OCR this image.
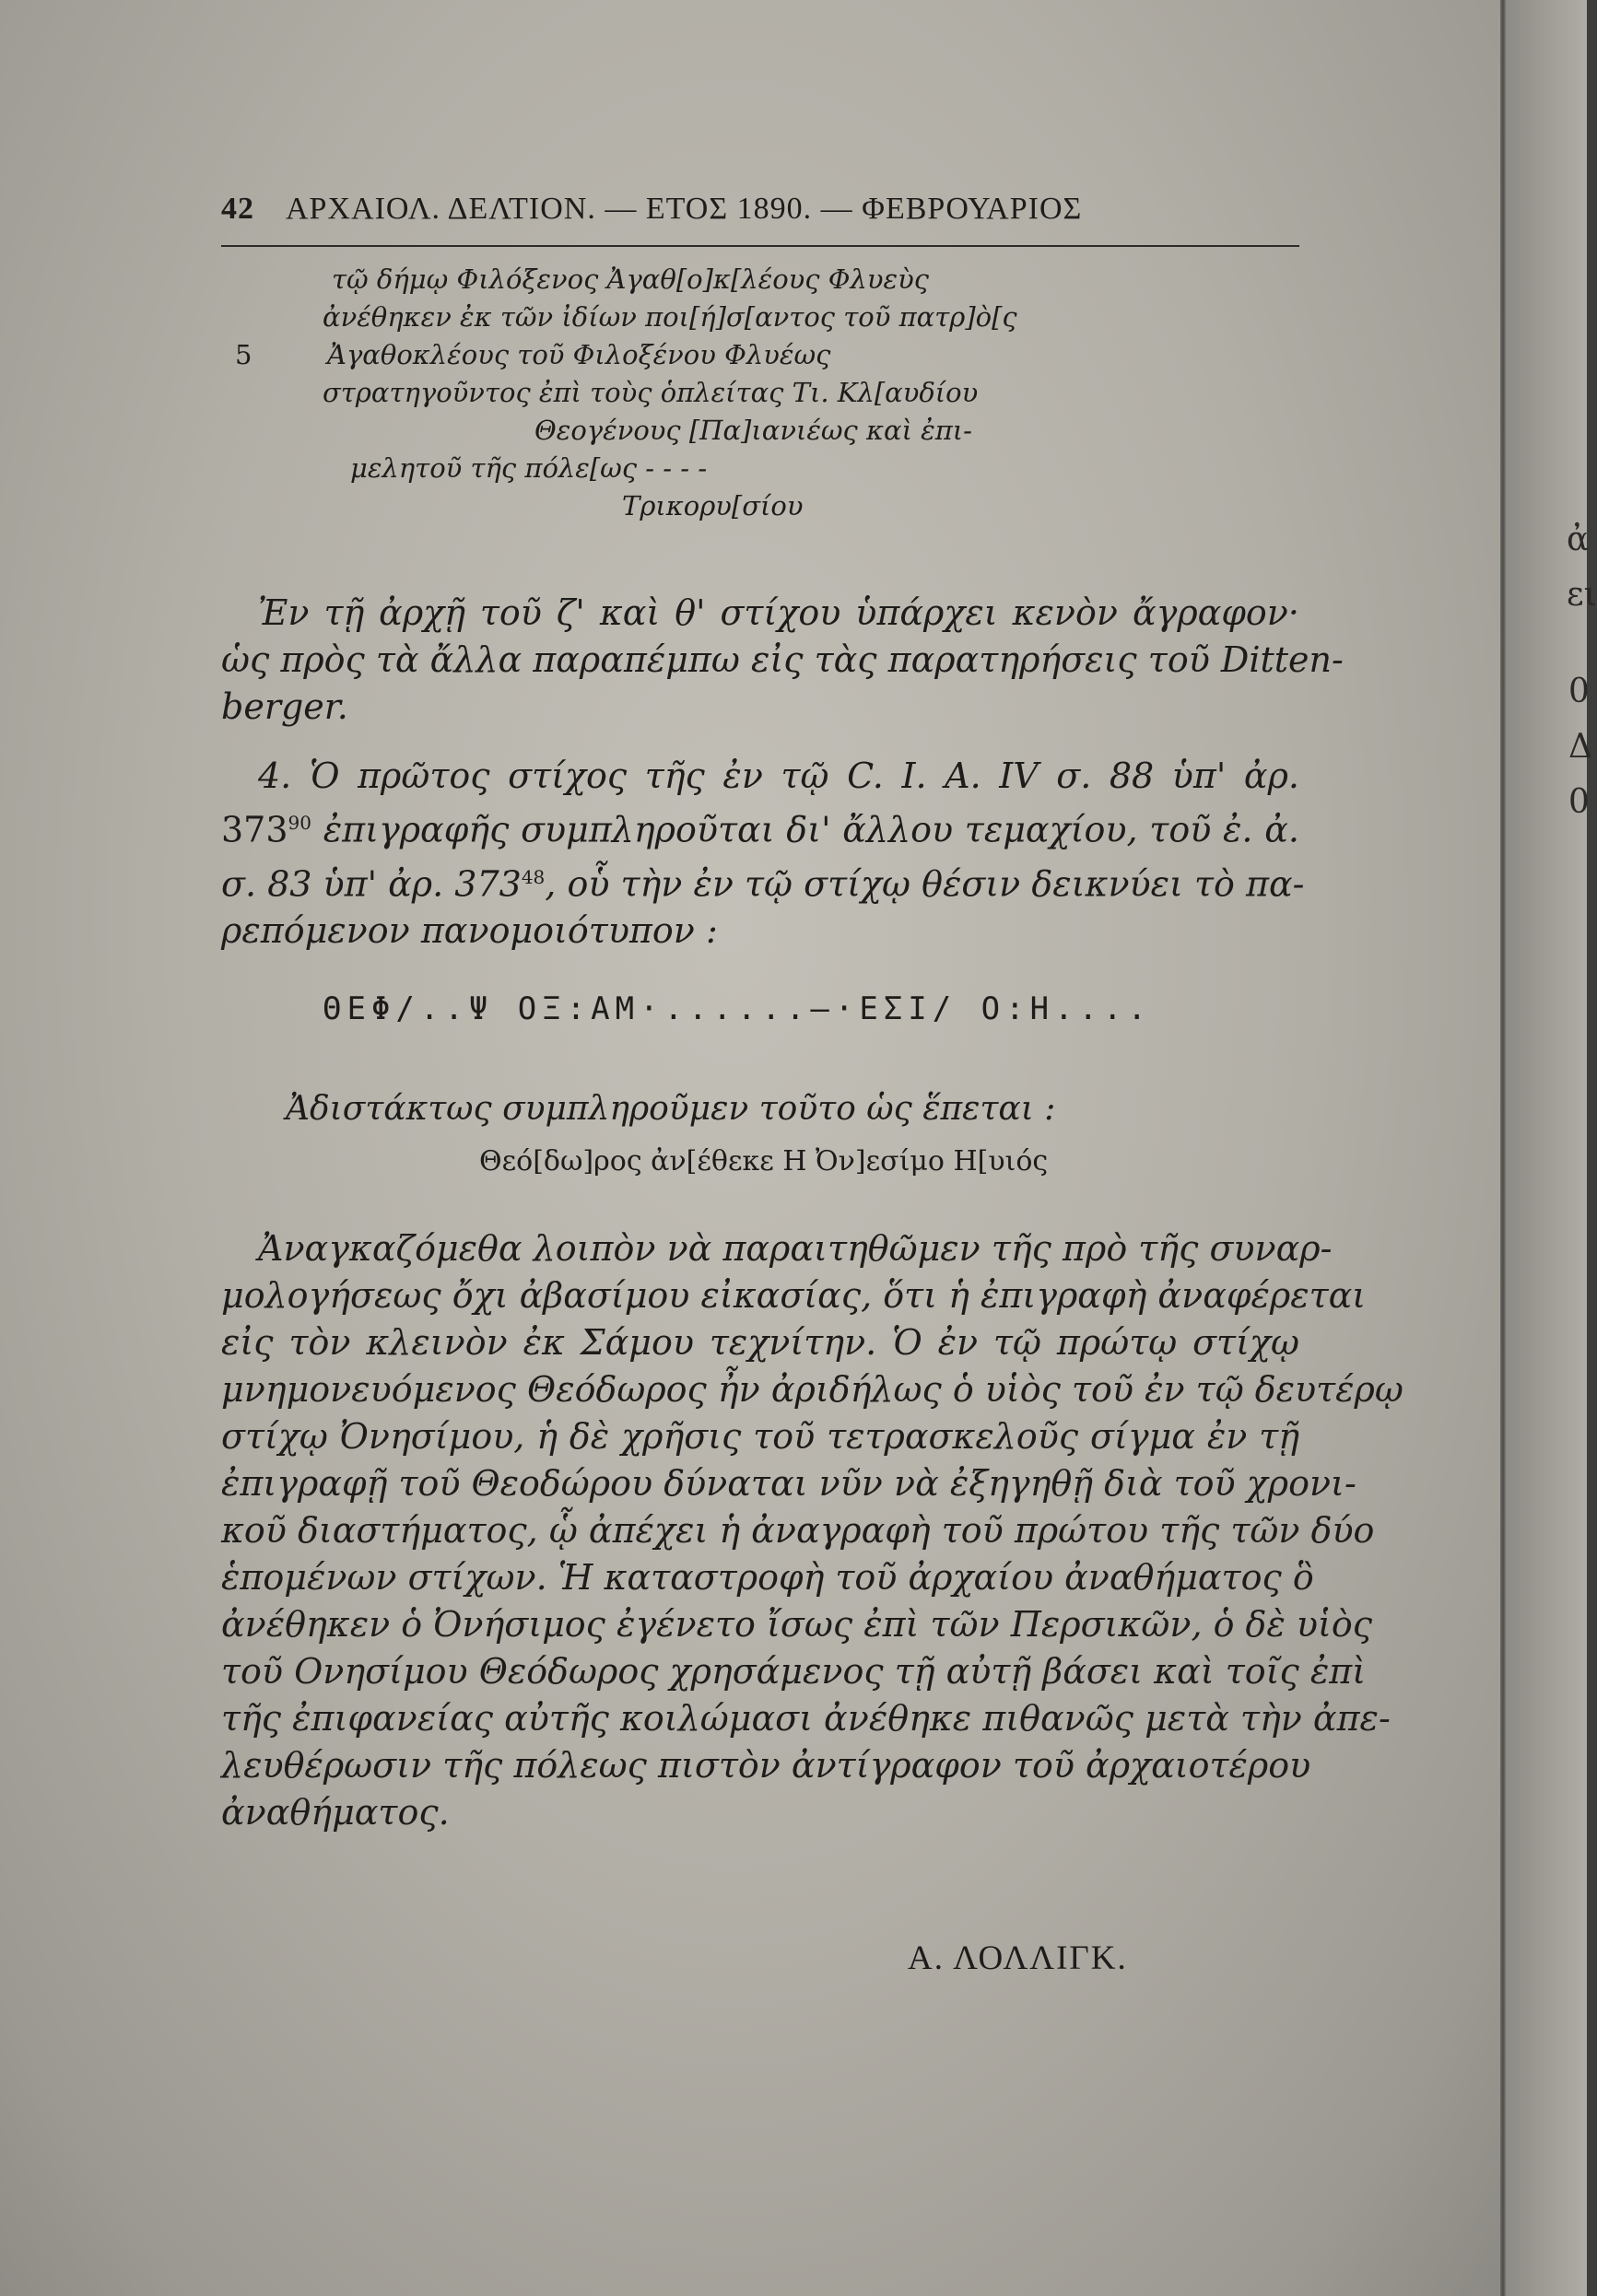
42 ΑΡΧΑΙΟΛ. ΔΕΛΤΙΟΝ. — ΕΤΟΣ 1890. — ΦΕΒΡΟΥΑΡΙΟΣ
τῷ δήμῳ Φιλόξενος Ἀγαθ[ο]κ[λέους Φλυεὺς
ἀνέθηκεν ἐκ τῶν ἰδίων ποι[ή]σ[αντος τοῦ πατρ]ὸ[ς
5	Ἀγαθοκλέους τοῦ Φιλοξένου Φλυέως
στρατηγοῦντος ἐπὶ τοὺς ὁπλείτας Τι. Κλ[αυδίου
Θεογένους [Πα]ιανιέως καὶ ἐπι-
μελητοῦ τῆς πόλε[ως - - - -
Τρικορυ[σίου
Ἐν τῇ ἀρχῇ τοῦ ζ' καὶ θ' στίχου ὑπάρχει κενὸν ἄγραφον·
ὡς πρὸς τὰ ἄλλα παραπέμπω εἰς τὰς παρατηρήσεις τοῦ Ditten-
berger.
4. Ὁ πρῶτος στίχος τῆς ἐν τῷ C. I. A. IV σ. 88 ὑπ' ἀρ.
$373^{90}$ ἐπιγραφῆς συμπληροῦται δι' ἄλλου τεμαχίου, τοῦ ἐ. ἀ.
σ. 83 ὑπ' ἀρ. $373^{48}$, οὗ τὴν ἐν τῷ στίχῳ θέσιν δεικνύει τὸ πα-
ρεπόμενον πανομοιότυπον :
ΘΕΦ/..Ψ ΟΞ:ΑΜ·......–·ΕΣΙ/ Ο:Η....
Ἀδιστάκτως συμπληροῦμεν τοῦτο ὡς ἕπεται :
Θεό[δω]ρος ἀν[έθεκε Η Ὀν]εσίμο Η[υιός
Ἀναγκαζόμεθα λοιπὸν νὰ παραιτηθῶμεν τῆς πρὸ τῆς συναρ-
μολογήσεως ὄχι ἀβασίμου εἰκασίας, ὅτι ἡ ἐπιγραφὴ ἀναφέρεται
εἰς τὸν κλεινὸν ἐκ Σάμου τεχνίτην. Ὁ ἐν τῷ πρώτῳ στίχῳ
μνημονευόμενος Θεόδωρος ἦν ἀριδήλως ὁ υἱὸς τοῦ ἐν τῷ δευτέρῳ
στίχῳ Ὀνησίμου, ἡ δὲ χρῆσις τοῦ τετρασκελοῦς σίγμα ἐν τῇ
ἐπιγραφῇ τοῦ Θεοδώρου δύναται νῦν νὰ ἐξηγηθῇ διὰ τοῦ χρονι-
κοῦ διαστήματος, ᾧ ἀπέχει ἡ ἀναγραφὴ τοῦ πρώτου τῆς τῶν δύο
ἑπομένων στίχων. Ἡ καταστροφὴ τοῦ ἀρχαίου ἀναθήματος ὃ
ἀνέθηκεν ὁ Ὀνήσιμος ἐγένετο ἴσως ἐπὶ τῶν Περσικῶν, ὁ δὲ υἱὸς
τοῦ Ονησίμου Θεόδωρος χρησάμενος τῇ αὐτῇ βάσει καὶ τοῖς ἐπὶ
τῆς ἐπιφανείας αὐτῆς κοιλώμασι ἀνέθηκε πιθανῶς μετὰ τὴν ἀπε-
λευθέρωσιν τῆς πόλεως πιστὸν ἀντίγραφον τοῦ ἀρχαιοτέρου
ἀναθήματος.
Α. ΛΟΛΛΙΓΚ.
ἀ
ει
0
Δ
0
